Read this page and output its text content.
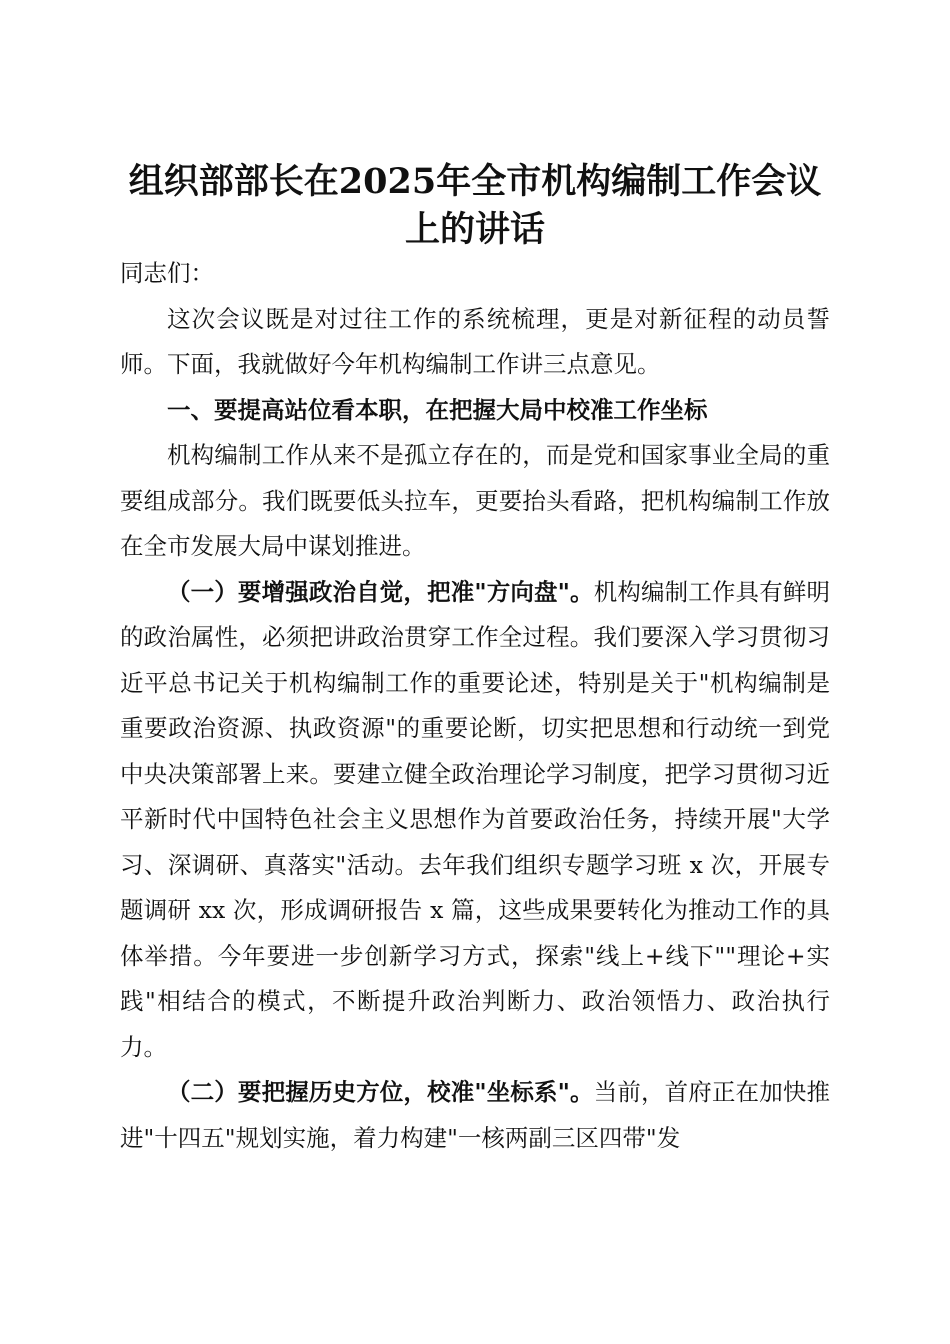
组织部部长在2025年全市机构编制工作会议
上的讲话

同志们：

这次会议既是对过往工作的系统梳理，更是对新征程的动员誓师。下面，我就做好今年机构编制工作讲三点意见。

一、要提高站位看本职，在把握大局中校准工作坐标

机构编制工作从来不是孤立存在的，而是党和国家事业全局的重要组成部分。我们既要低头拉车，更要抬头看路，把机构编制工作放在全市发展大局中谋划推进。

（一）要增强政治自觉，把准"方向盘"。机构编制工作具有鲜明的政治属性，必须把讲政治贯穿工作全过程。我们要深入学习贯彻习近平总书记关于机构编制工作的重要论述，特别是关于"机构编制是重要政治资源、执政资源"的重要论断，切实把思想和行动统一到党中央决策部署上来。要建立健全政治理论学习制度，把学习贯彻习近平新时代中国特色社会主义思想作为首要政治任务，持续开展"大学习、深调研、真落实"活动。去年我们组织专题学习班 x 次，开展专题调研 xx 次，形成调研报告 x 篇，这些成果要转化为推动工作的具体举措。今年要进一步创新学习方式，探索"线上+线下""理论+实践"相结合的模式，不断提升政治判断力、政治领悟力、政治执行力。

（二）要把握历史方位，校准"坐标系"。当前，首府正在加快推进"十四五"规划实施，着力构建"一核两副三区四带"发
